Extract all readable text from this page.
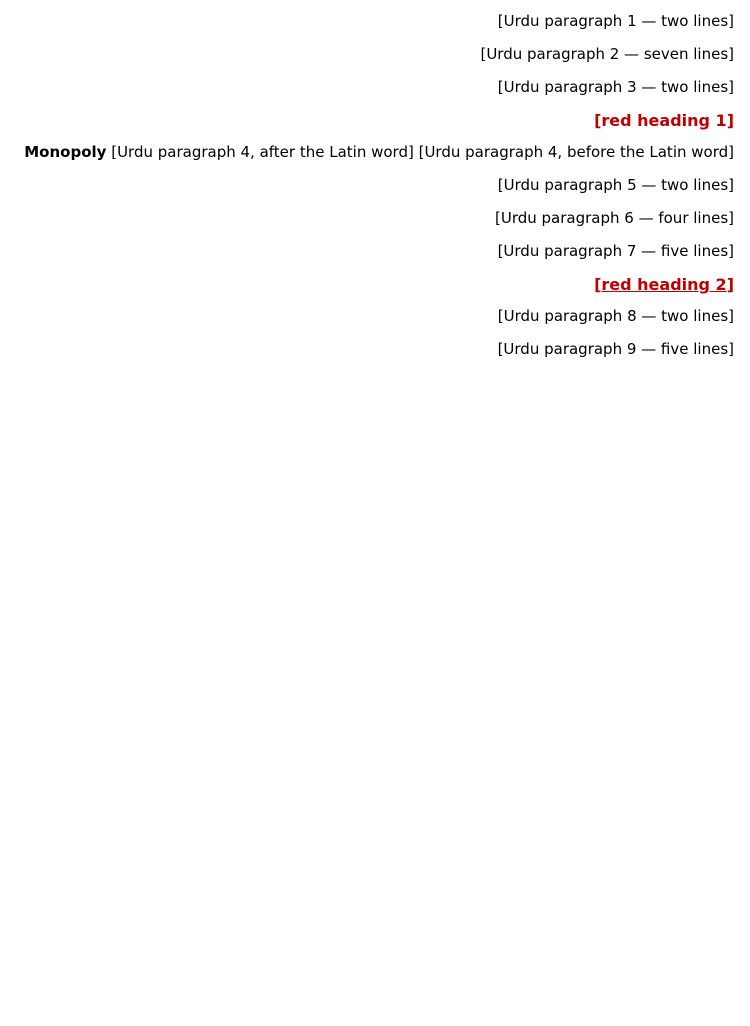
[Urdu paragraph 1 — two lines]

[Urdu paragraph 2 — seven lines]

[Urdu paragraph 3 — two lines]

[red heading 1]

[Urdu paragraph 4, before the Latin word] Monopoly [Urdu paragraph 4, after the Latin word]

[Urdu paragraph 5 — two lines]

[Urdu paragraph 6 — four lines]

[Urdu paragraph 7 — five lines]

[red heading 2]

[Urdu paragraph 8 — two lines]

[Urdu paragraph 9 — five lines]
